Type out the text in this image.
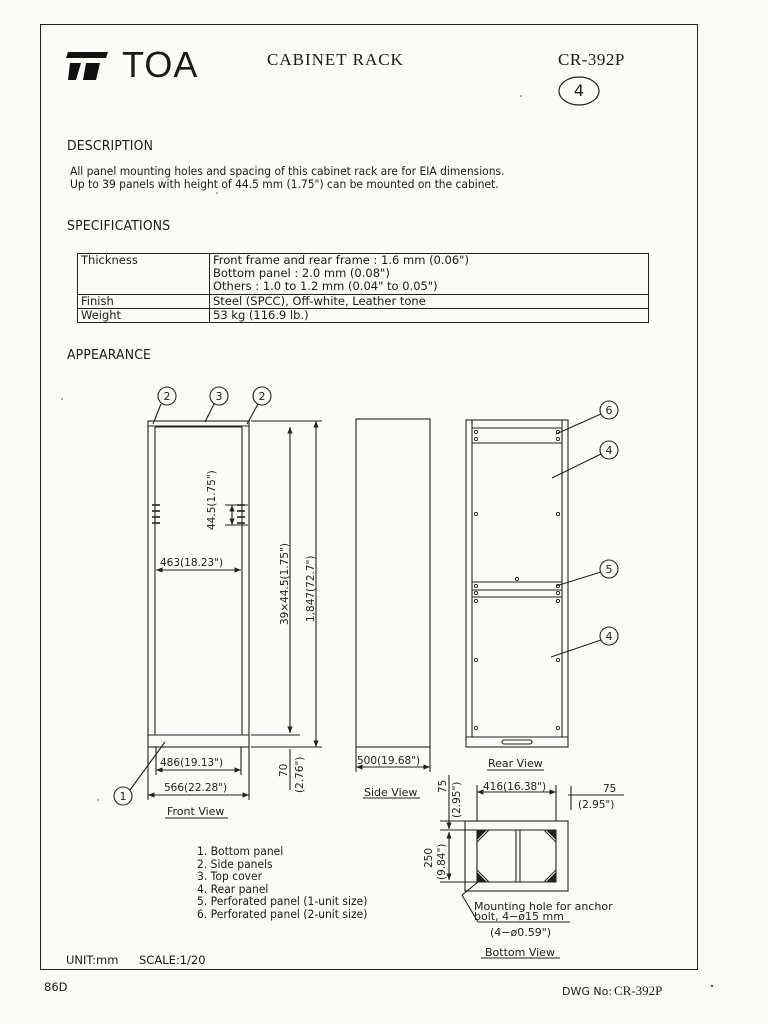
TOA	CABINET RACK	CR-392P
4
DESCRIPTION
All panel mounting holes and spacing of this cabinet rack are for EIA dimensions.
Up to 39 panels with height of 44.5 mm (1.75") can be mounted on the cabinet.
SPECIFICATIONS
Thickness	Front frame and rear frame : 1.6 mm (0.06")
Bottom panel : 2.0 mm (0.08")
Others : 1.0 to 1.2 mm (0.04" to 0.05")

Finish	Steel (SPCC), Off-white, Leather tone
Weight	53 kg (116.9 lb.)
APPEARANCE
2	3	2
1
6
4
5
4
44.5(1.75")
463(18.23")	39×44.5(1.75") 1,847(72.7")
486(19.13")
566(22.28")
70 (2.76")	500(19.68")
416(16.38")	75
(2.95")
75 (2.95")
250 (9.84")
Front View
Side View
Rear View
Bottom View
Mounting hole for anchor
bolt, 4−ø15 mm
(4−ø0.59")
1. Bottom panel
2. Side panels
3. Top cover
4. Rear panel
5. Perforated panel (1-unit size)
6. Perforated panel (2-unit size)
UNIT:mm SCALE:1/20
86D	DWG No: CR-392P
